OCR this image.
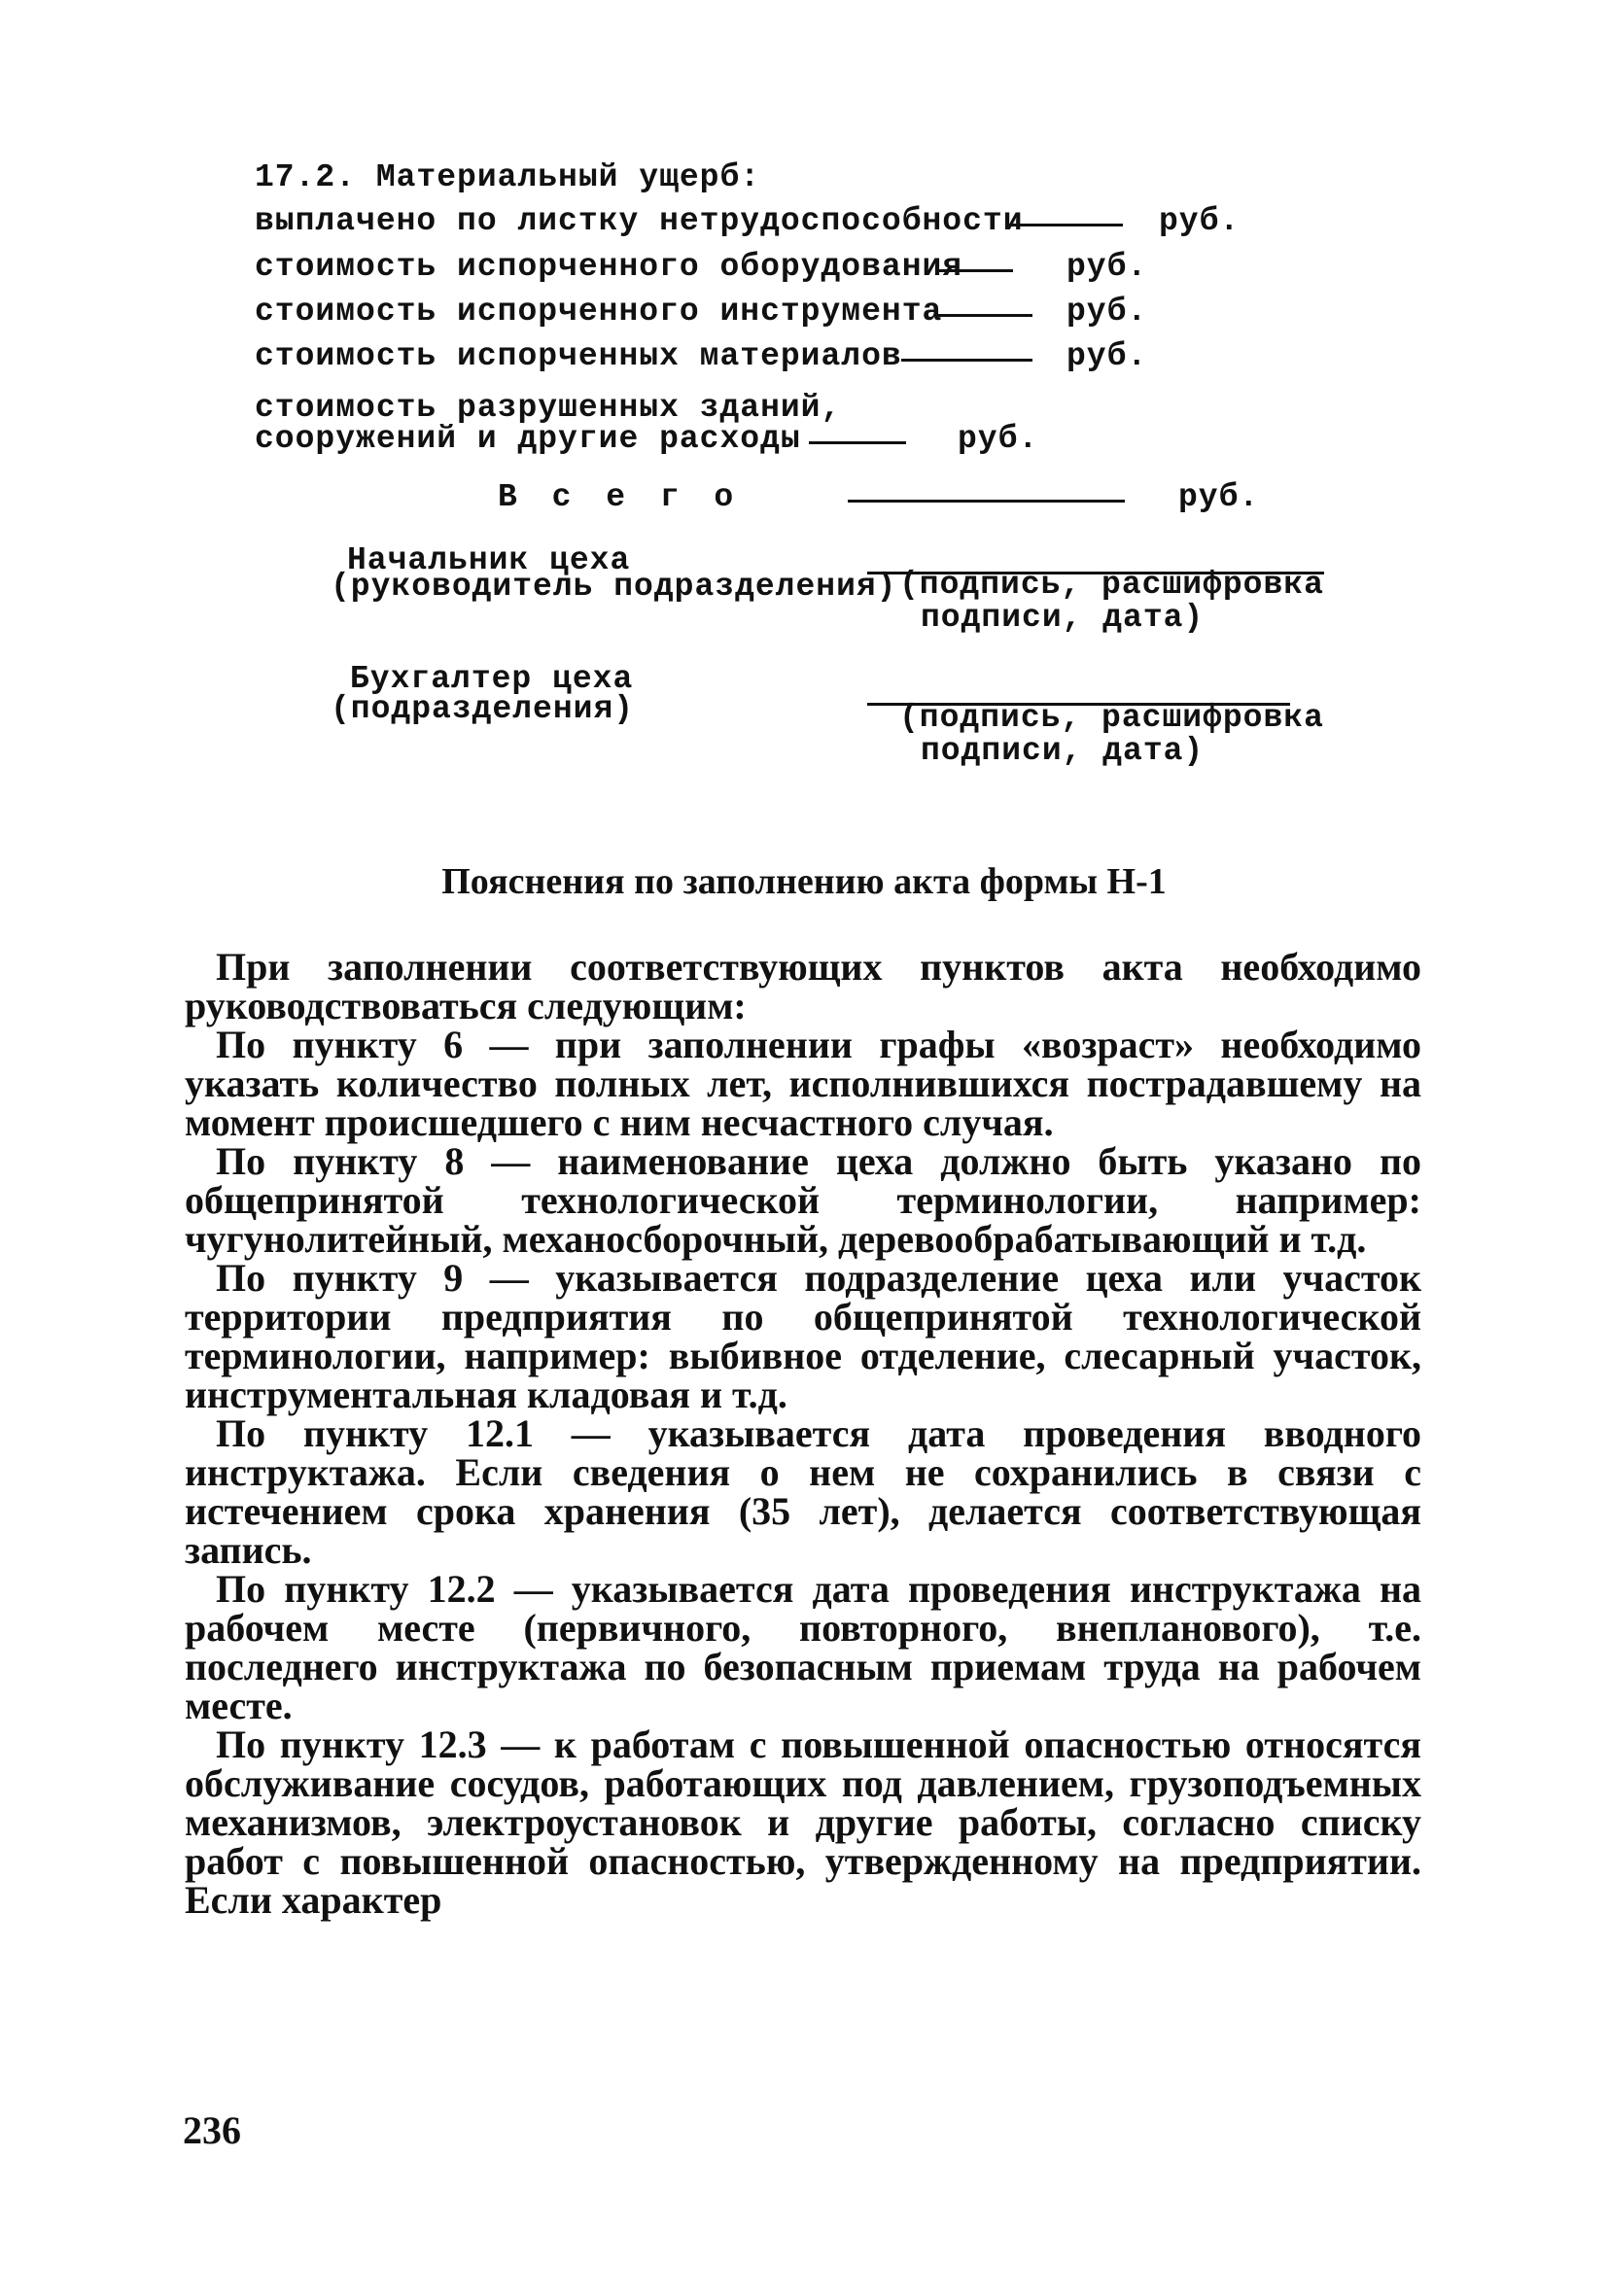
17.2. Материальный ущерб:
выплачено по листку нетрудоспособности	руб.
стоимость испорченного оборудования	руб.
стоимость испорченного инструмента	руб.
стоимость испорченных материалов	руб.
стоимость разрушенных зданий,
сооружений и другие расходы	руб.
В с е г о	руб.
Начальник цеха
(руководитель подразделения) (подпись, расшифровка
подписи, дата)
Бухгалтер цеха
(подразделения)	(подпись, расшифровка
подписи, дата)
Пояснения по заполнению акта формы Н-1

При заполнении соответствующих пунктов акта необходимо руководствоваться следующим:

По пункту 6 — при заполнении графы «возраст» необходимо указать количество полных лет, исполнившихся пострадавшему на момент происшедшего с ним несчастного случая.

По пункту 8 — наименование цеха должно быть указано по общепринятой технологической терминологии, например: чугунолитейный, механосборочный, деревообрабатывающий и т.д.

По пункту 9 — указывается подразделение цеха или участок территории предприятия по общепринятой технологической терминологии, например: выбивное отделение, слесарный участок, инструментальная кладовая и т.д.

По пункту 12.1 — указывается дата проведения вводного инструктажа. Если сведения о нем не сохранились в связи с истечением срока хранения (35 лет), делается соответствующая запись.

По пункту 12.2 — указывается дата проведения инструктажа на рабочем месте (первичного, повторного, внепланового), т.е. последнего инструктажа по безопасным приемам труда на рабочем месте.

По пункту 12.3 — к работам с повышенной опасностью относятся обслуживание сосудов, работающих под давлением, грузоподъемных механизмов, электроустановок и другие работы, согласно списку работ с повышенной опасностью, утвержденному на предприятии. Если характер

236
